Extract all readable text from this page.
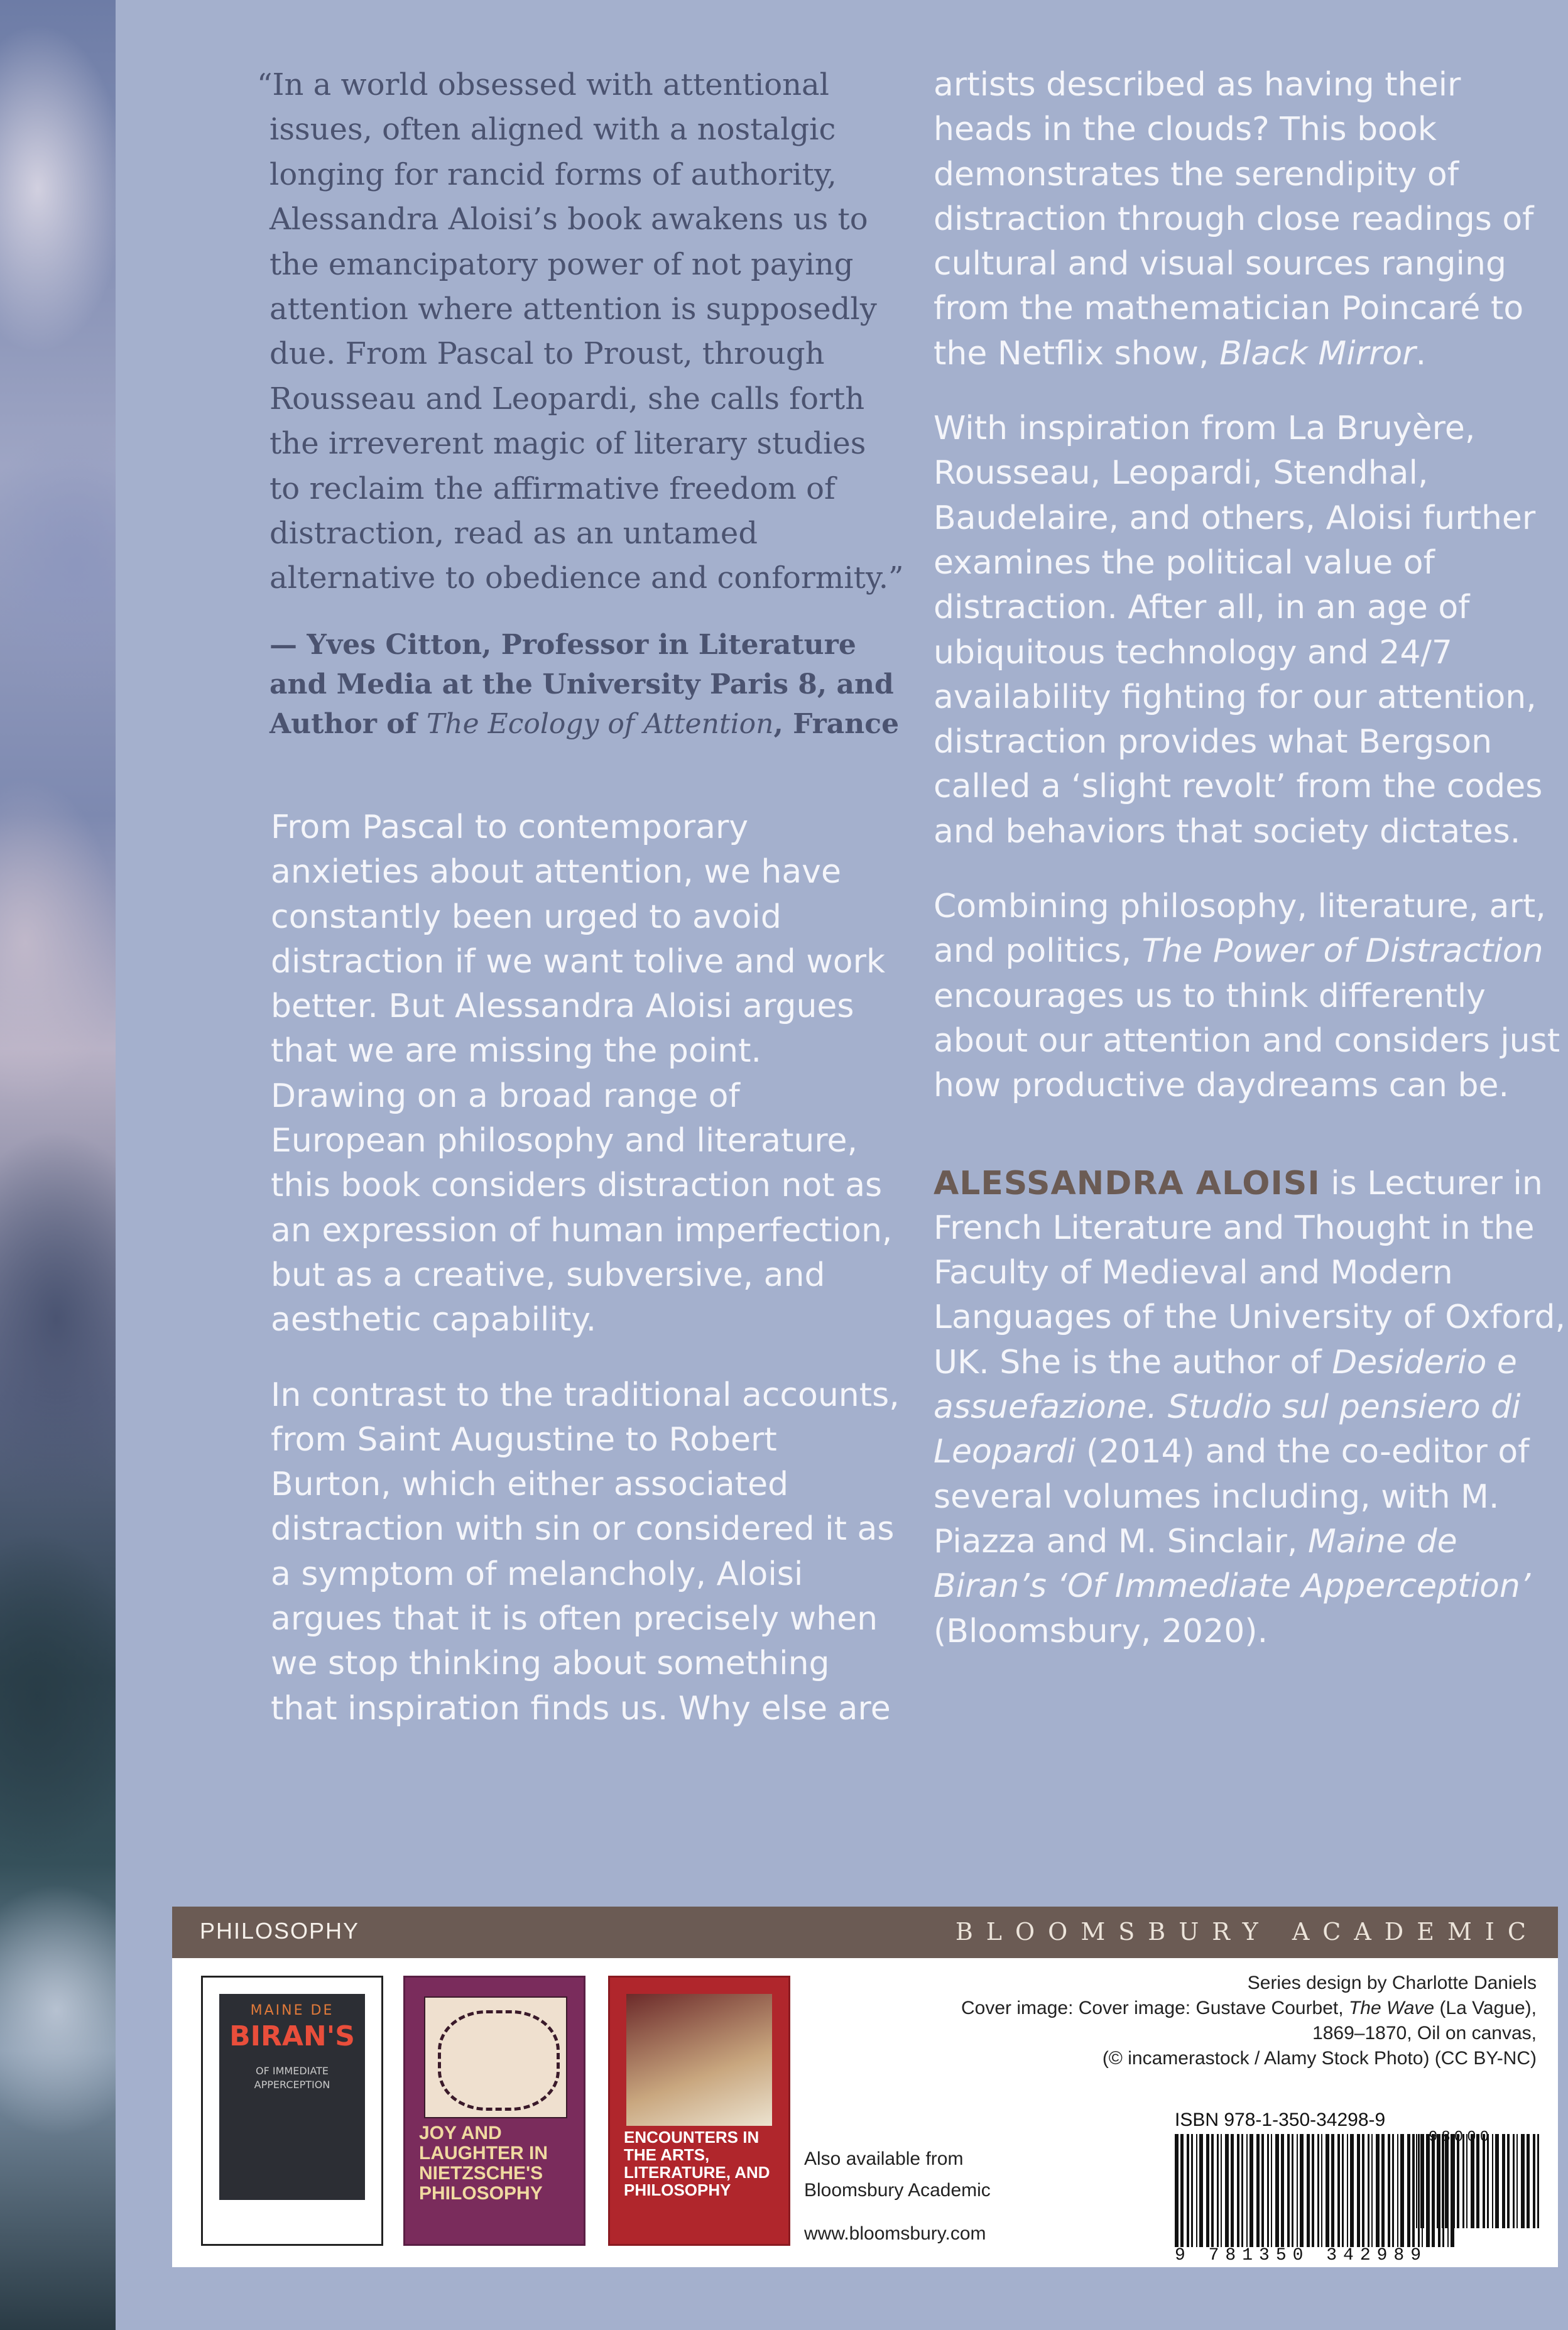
“In a world obsessed with attentional issues, often aligned with a nostalgic longing for rancid forms of authority, Alessandra Aloisi’s book awakens us to the emancipatory power of not paying attention where attention is supposedly due. From Pascal to Proust, through Rousseau and Leopardi, she calls forth the irreverent magic of literary studies to reclaim the affirmative freedom of distraction, read as an untamed alternative to obedience and conformity.”

— Yves Citton, Professor in Literature and Media at the University Paris 8, and Author of The Ecology of Attention, France

From Pascal to contemporary anxieties about attention, we have constantly been urged to avoid distraction if we want tolive and work better. But Alessandra Aloisi argues that we are missing the point. Drawing on a broad range of European philosophy and literature, this book considers distraction not as an expression of human imperfection, but as a creative, subversive, and aesthetic capability.

In contrast to the traditional accounts, from Saint Augustine to Robert Burton, which either associated distraction with sin or considered it as a symptom of melancholy, Aloisi argues that it is often precisely when we stop thinking about something that inspiration finds us. Why else are

artists described as having their heads in the clouds? This book demonstrates the serendipity of distraction through close readings of cultural and visual sources ranging from the mathematician Poincaré to the Netflix show, Black Mirror.

With inspiration from La Bruyère, Rousseau, Leopardi, Stendhal, Baudelaire, and others, Aloisi further examines the political value of distraction. After all, in an age of ubiquitous technology and 24/7 availability fighting for our attention, distraction provides what Bergson called a ‘slight revolt’ from the codes and behaviors that society dictates.

Combining philosophy, literature, art, and politics, The Power of Distraction encourages us to think differently about our attention and considers just how productive daydreams can be.

ALESSANDRA ALOISI is Lecturer in French Literature and Thought in the Faculty of Medieval and Modern Languages of the University of Oxford, UK. She is the author of Desiderio e assuefazione. Studio sul pensiero di Leopardi (2014) and the co-editor of several volumes including, with M. Piazza and M. Sinclair, Maine de Biran’s ‘Of Immediate Apperception’ (Bloomsbury, 2020).

PHILOSOPHY	BLOOMSBURY ACADEMIC
MAINE DE
BIRAN'S
OF IMMEDIATE APPERCEPTION
JOY AND LAUGHTER IN NIETZSCHE'S PHILOSOPHY
ENCOUNTERS IN THE ARTS, LITERATURE, AND PHILOSOPHY
Also available from
Bloomsbury Academic
www.bloomsbury.com
Series design by Charlotte Daniels
Cover image: Cover image: Gustave Courbet, The Wave (La Vague),
1869–1870, Oil on canvas,
(© incamerastock / Alamy Stock Photo) (CC BY-NC)
ISBN 978-1-350-34298-9
9 781350 342989
98000
